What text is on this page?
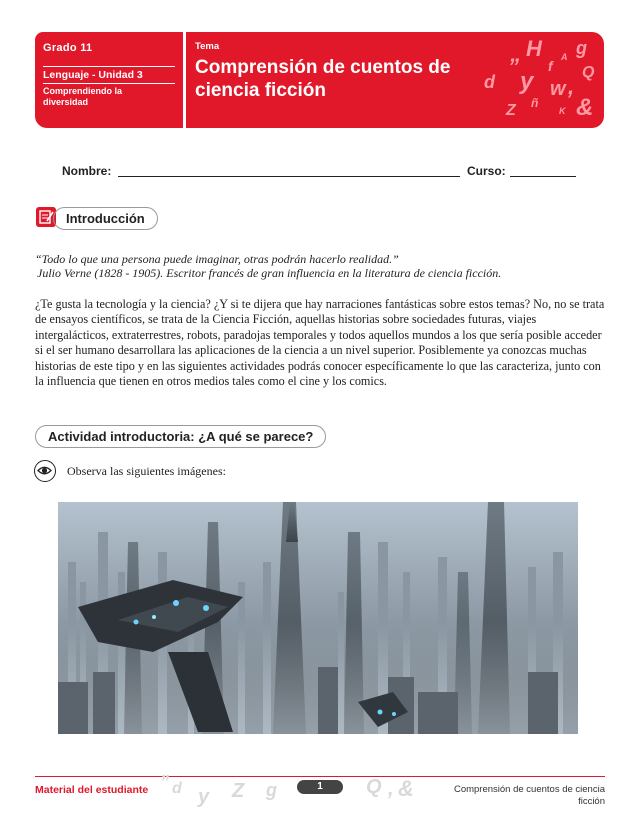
Grado 11
Lenguaje - Unidad 3
Comprendiendo la diversidad
Tema
Comprensión de cuentos de ciencia ficción
H g
f
A
d
”
y	Q
w ,
ñ &
Z	K
Nombre:	Curso:
Introducción
“Todo lo que una persona puede imaginar, otras podrán hacerlo realidad.”
Julio Verne (1828 - 1905). Escritor francés de gran influencia en la literatura de ciencia ficción.
¿Te gusta la tecnología y la ciencia? ¿Y si te dijera que hay narraciones fantásticas sobre estos temas? No, no se trata de ensayos científicos, se trata de la Ciencia Ficción, aquellas historias sobre sociedades futuras, viajes intergalácticos, extraterrestres, robots, paradojas temporales y todos aquellos mundos a los que sería posible acceder si el ser humano desarrollara las aplicaciones de la ciencia a un nivel superior. Posiblemente ya conozcas muchas historias de este tipo y en las siguientes actividades podrás conocer específicamente lo que las caracteriza, junto con la influencia que tienen en otros medios tales como el cine y los comics.
Actividad introductoria: ¿A qué se parece?
Observa las siguientes imágenes:
Material del estudiante ” d y Z g	Q , &
1	Comprensión de cuentos de ciencia ficción
